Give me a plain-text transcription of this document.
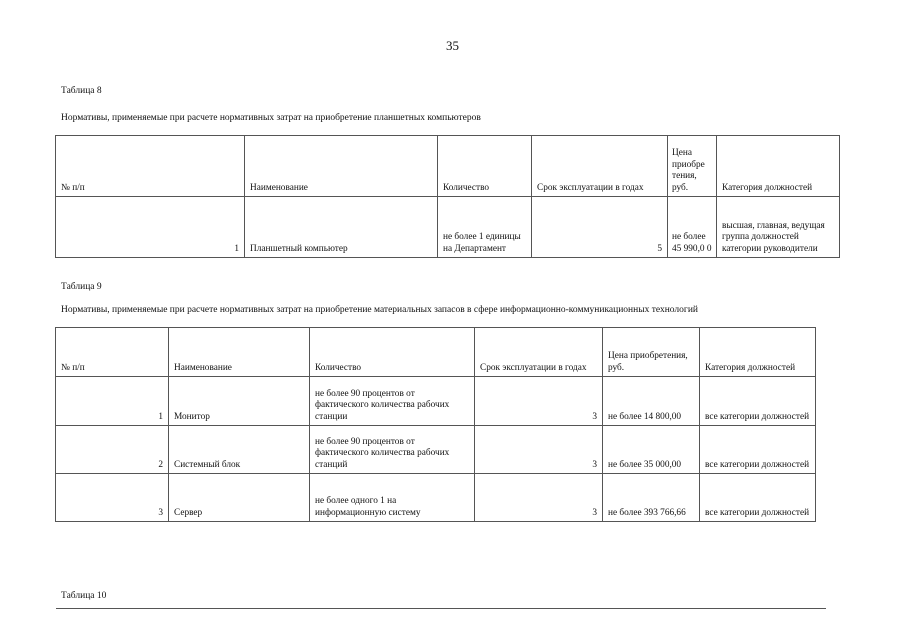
35
Таблица 8
Нормативы, применяемые при расчете нормативных затрат на приобретение планшетных компьютеров
№ п/п	Наименование	Количество	Срок эксплуатации в годах	Цена приобре тения, руб.	Категория должностей
1	Планшетный компьютер	не более 1 единицы на Департамент	5	не более 45 990,0 0	высшая, главная, ведущая группа должностей категории руководители
Таблица 9
Нормативы, применяемые при расчете нормативных затрат на приобретение материальных запасов в сфере информационно-коммуникационных технологий
№ п/п	Наименование	Количество	Срок эксплуатации в годах	Цена приобретения, руб.	Категория должностей
1	Монитор	не более 90 процентов от фактического количества рабочих станции	3	не более 14 800,00	все категории должностей
2	Системный блок	не более 90 процентов от фактического количества рабочих станций	3	не более 35 000,00	все категории должностей
3	Сервер	не более одного 1 на информационную систему	3	не более 393 766,66	все категории должностей
Таблица 10
